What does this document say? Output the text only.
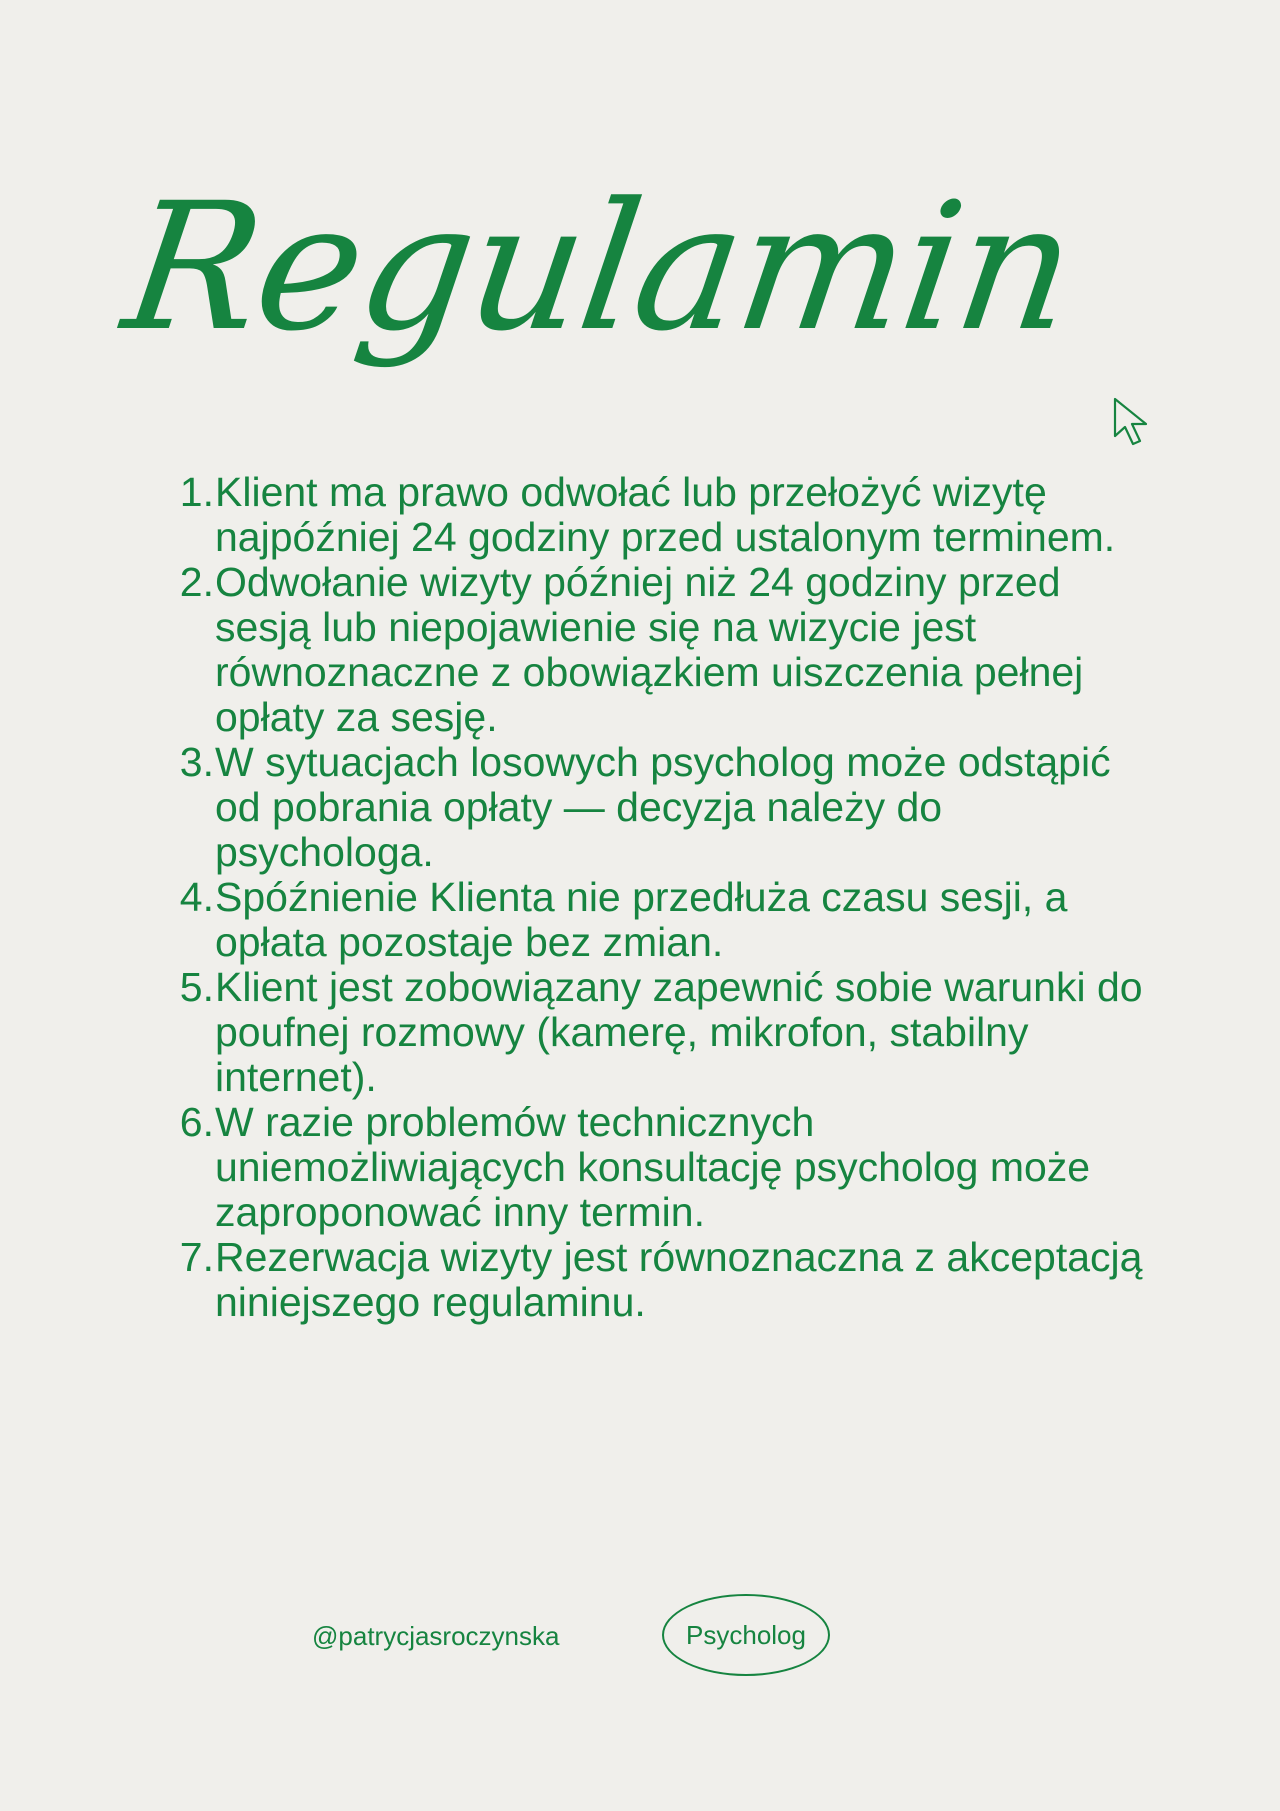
Regulamin
1. Klient ma prawo odwołać lub przełożyć wizytę najpóźniej 24 godziny przed ustalonym terminem.
2. Odwołanie wizyty później niż 24 godziny przed sesją lub niepojawienie się na wizycie jest równoznaczne z obowiązkiem uiszczenia pełnej opłaty za sesję.
3. W sytuacjach losowych psycholog może odstąpić od pobrania opłaty — decyzja należy do psychologa.
4. Spóźnienie Klienta nie przedłuża czasu sesji, a opłata pozostaje bez zmian.
5. Klient jest zobowiązany zapewnić sobie warunki do poufnej rozmowy (kamerę, mikrofon, stabilny internet).
6. W razie problemów technicznych uniemożliwiających konsultację psycholog może zaproponować inny termin.
7. Rezerwacja wizyty jest równoznaczna z akceptacją niniejszego regulaminu.
@patrycjasroczynska	Psycholog
